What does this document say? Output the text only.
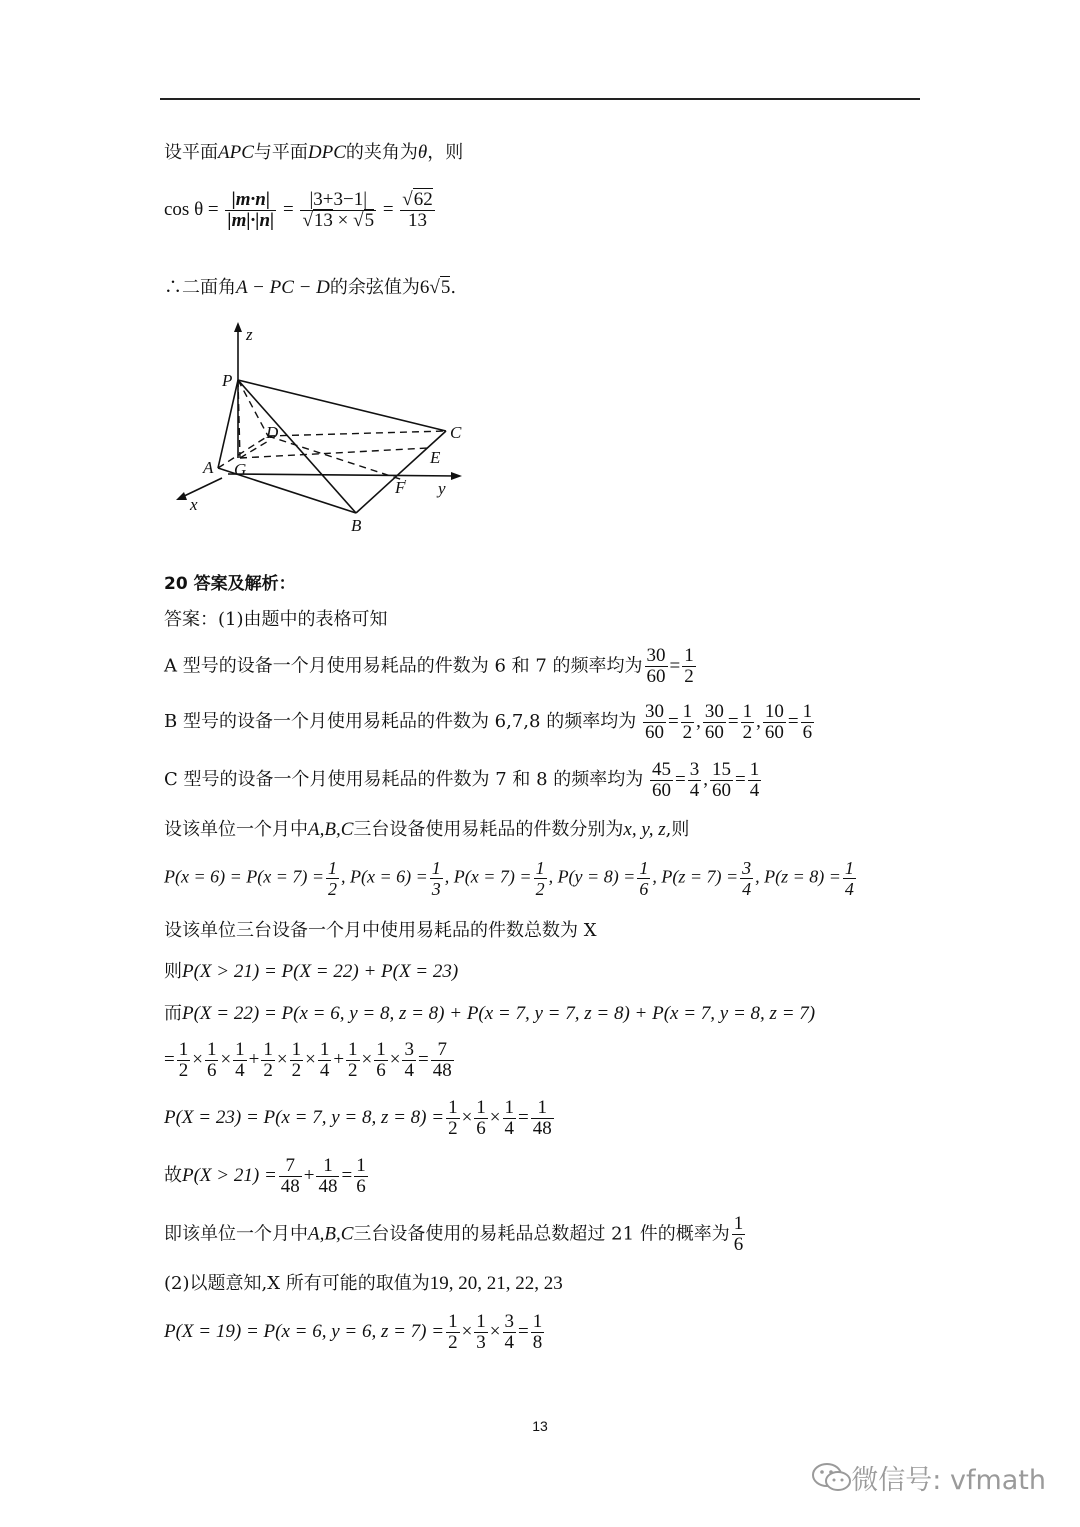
设平面APC与平面DPC的夹角为θ，则
$\cos \theta = \frac{|m\cdot n|}{|m|\cdot|n|} = \frac{|3+3-1|}{√13 \times √5} = \frac{√62}{13}$
∴二面角A − PC − D的余弦值为6√5.
z
P
D	C
A G
E
F y
x
B
20 答案及解析：
答案：(1)由题中的表格可知
A 型号的设备一个月使用易耗品的件数为 6 和 7 的频率均为 $\frac{30}{60} = \frac{1}{2}$
B 型号的设备一个月使用易耗品的件数为 6,7,8 的频率均为 $\frac{30}{60} = \frac{1}{2}$ , $\frac{30}{60} = \frac{1}{2}$ , $\frac{10}{60} = \frac{1}{6}$
C 型号的设备一个月使用易耗品的件数为 7 和 8 的频率均为 $\frac{45}{60} = \frac{3}{4}$ , $\frac{15}{60} = \frac{1}{4}$
设该单位一个月中A,B,C三台设备使用易耗品的件数分别为x, y, z,则
$P(x = 6) = P(x = 7) = \frac{1}{2}$ , $P(x = 6) = \frac{1}{3}$ , $P(x = 7) = \frac{1}{2}$ , $P(y = 8) = \frac{1}{6}$ , $P(z = 7) = \frac{3}{4}$ , $P(z = 8) = \frac{1}{4}$
设该单位三台设备一个月中使用易耗品的件数总数为 X
则P(X > 21) = P(X = 22) + P(X = 23)
而P(X = 22) = P(x = 6, y = 8, z = 8) + P(x = 7, y = 7, z = 8) + P(x = 7, y = 8, z = 7)
= $\frac{1}{2} \times \frac{1}{6} \times \frac{1}{4} + \frac{1}{2} \times \frac{1}{2} \times \frac{1}{4} + \frac{1}{2} \times \frac{1}{6} \times \frac{3}{4} = \frac{7}{48}$
P(X = 23) = P(x = 7, y = 8, $z = 8) = \frac{1}{2} \times \frac{1}{6} \times \frac{1}{4} = \frac{1}{48}$
故$P(X > 21) = \frac{7}{48} + \frac{1}{48} = \frac{1}{6}$
即该单位一个月中A,B,C三台设备使用的易耗品总数超过 21 件的概率为 $\frac{1}{6}$
(2)以题意知,X 所有可能的取值为19, 20, 21, 22, 23
P(X = 19) = P(x = 6, y = 6, $z = 7) = \frac{1}{2} \times \frac{1}{3} \times \frac{3}{4} = \frac{1}{8}$
13
微信号: vfmath
